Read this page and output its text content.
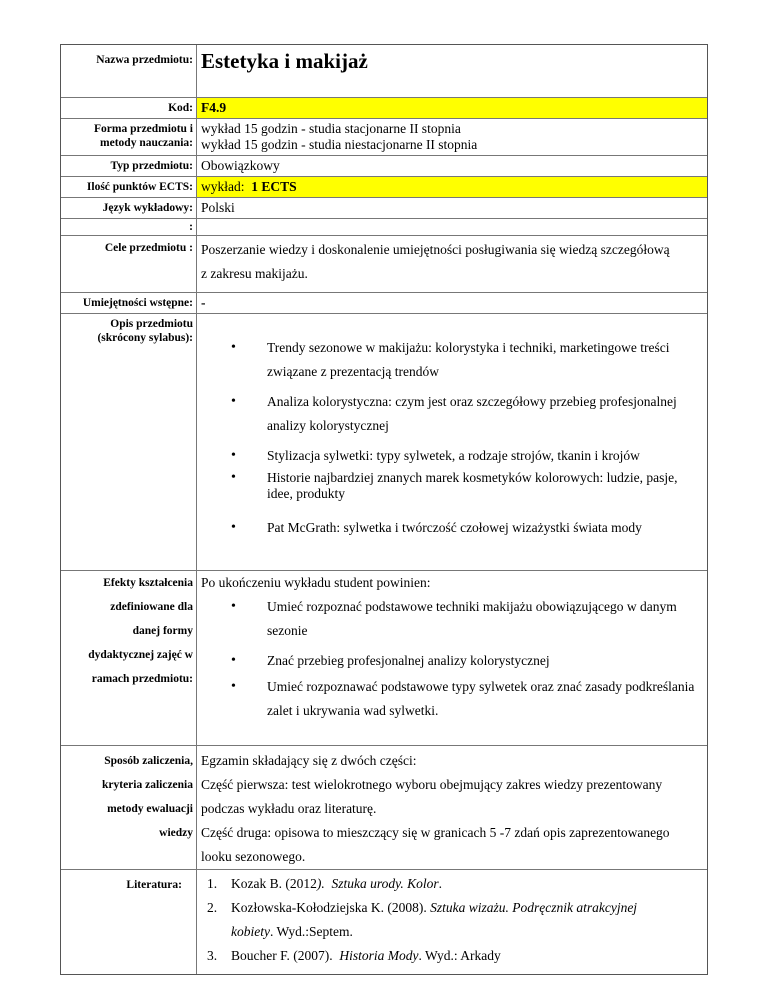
Nazwa przedmiotu: Estetyka i makijaż
Kod: F4.9
Forma przedmiotu i
metody nauczania:
wykład 15 godzin - studia stacjonarne II stopnia
wykład 15 godzin - studia niestacjonarne II stopnia
Typ przedmiotu: Obowiązkowy
Ilość punktów ECTS: wykład:  1 ECTS
Język wykładowy: Polski
:
Cele przedmiotu : Poszerzanie wiedzy i doskonalenie umiejętności posługiwania się wiedzą szczegółową
z zakresu makijażu.
Umiejętności wstępne: -
Opis przedmiotu
(skrócony sylabus):
• Trendy sezonowe w makijażu: kolorystyka i techniki, marketingowe treści
związane z prezentacją trendów
• Analiza kolorystyczna: czym jest oraz szczegółowy przebieg profesjonalnej
analizy kolorystycznej
• Stylizacja sylwetki: typy sylwetek, a rodzaje strojów, tkanin i krojów
• Historie najbardziej znanych marek kosmetyków kolorowych: ludzie, pasje,
idee, produkty
• Pat McGrath: sylwetka i twórczość czołowej wizażystki świata mody
Efekty kształcenia
zdefiniowane dla
danej formy
dydaktycznej zajęć w
ramach przedmiotu:
Po ukończeniu wykładu student powinien:
• Umieć rozpoznać podstawowe techniki makijażu obowiązującego w danym
sezonie
• Znać przebieg profesjonalnej analizy kolorystycznej
• Umieć rozpoznawać podstawowe typy sylwetek oraz znać zasady podkreślania
zalet i ukrywania wad sylwetki.
Sposób zaliczenia,
kryteria zaliczenia
metody ewaluacji
wiedzy
Egzamin składający się z dwóch części:
Część pierwsza: test wielokrotnego wyboru obejmujący zakres wiedzy prezentowany
podczas wykładu oraz literaturę.
Część druga: opisowa to mieszczący się w granicach 5 -7 zdań opis zaprezentowanego
looku sezonowego.
Literatura:	1. Kozak B. (2012).  Sztuka urody. Kolor.
2. Kozłowska-Kołodziejska K. (2008). Sztuka wizażu. Podręcznik atrakcyjnej
kobiety. Wyd.:Septem.
3. Boucher F. (2007).  Historia Mody. Wyd.: Arkady
